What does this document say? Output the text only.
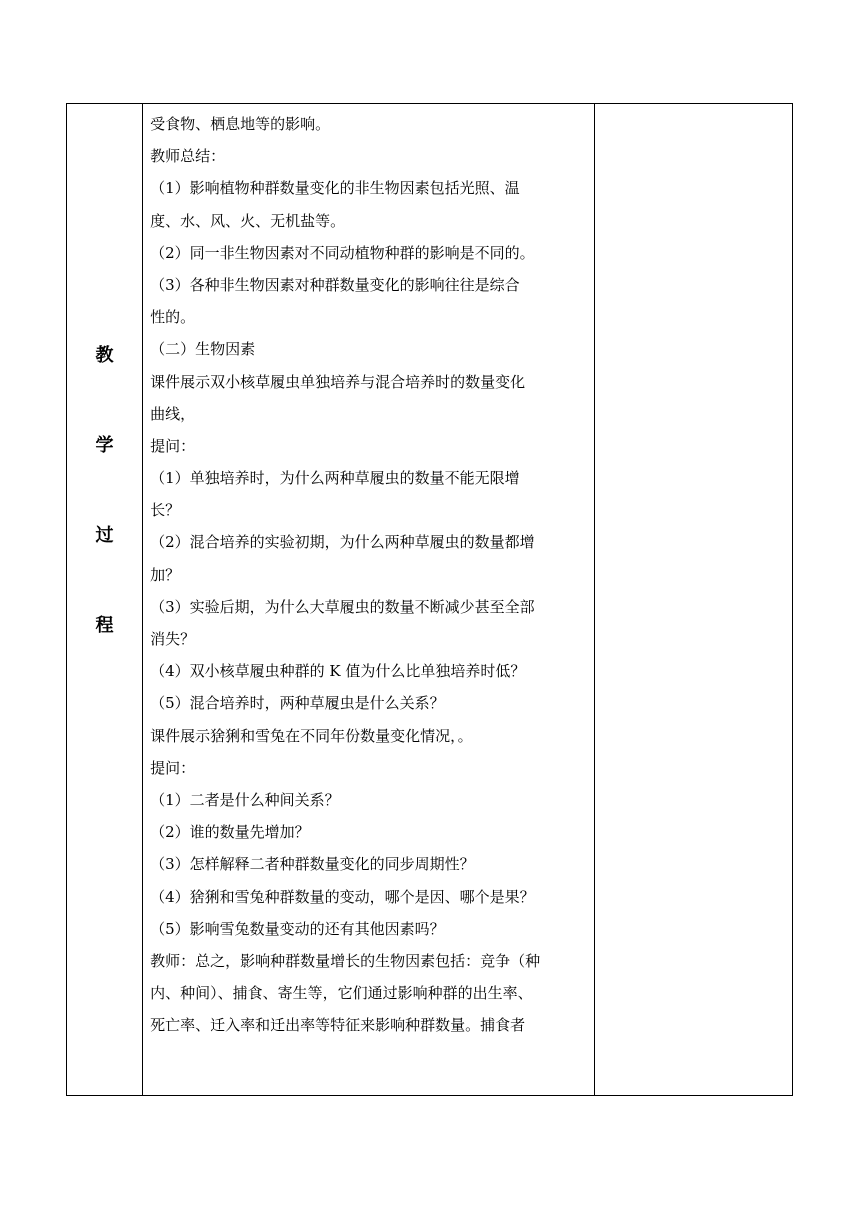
教
学
过
程

受食物、栖息地等的影响。
教师总结：
（1）影响植物种群数量变化的非生物因素包括光照、温
度、水、风、火、无机盐等。
（2）同一非生物因素对不同动植物种群的影响是不同的。
（3）各种非生物因素对种群数量变化的影响往往是综合
性的。
（二）生物因素
课件展示双小核草履虫单独培养与混合培养时的数量变化
曲线，
提问：
（1）单独培养时，为什么两种草履虫的数量不能无限增
长？
（2）混合培养的实验初期，为什么两种草履虫的数量都增
加？
（3）实验后期，为什么大草履虫的数量不断减少甚至全部
消失？
（4）双小核草履虫种群的 K 值为什么比单独培养时低？
（5）混合培养时，两种草履虫是什么关系？
课件展示猞猁和雪兔在不同年份数量变化情况，。
提问：
（1）二者是什么种间关系？
（2）谁的数量先增加？
（3）怎样解释二者种群数量变化的同步周期性？
（4）猞猁和雪兔种群数量的变动，哪个是因、哪个是果？
（5）影响雪兔数量变动的还有其他因素吗？
教师：总之，影响种群数量增长的生物因素包括：竞争（种
内、种间）、捕食、寄生等，它们通过影响种群的出生率、
死亡率、迁入率和迁出率等特征来影响种群数量。捕食者
